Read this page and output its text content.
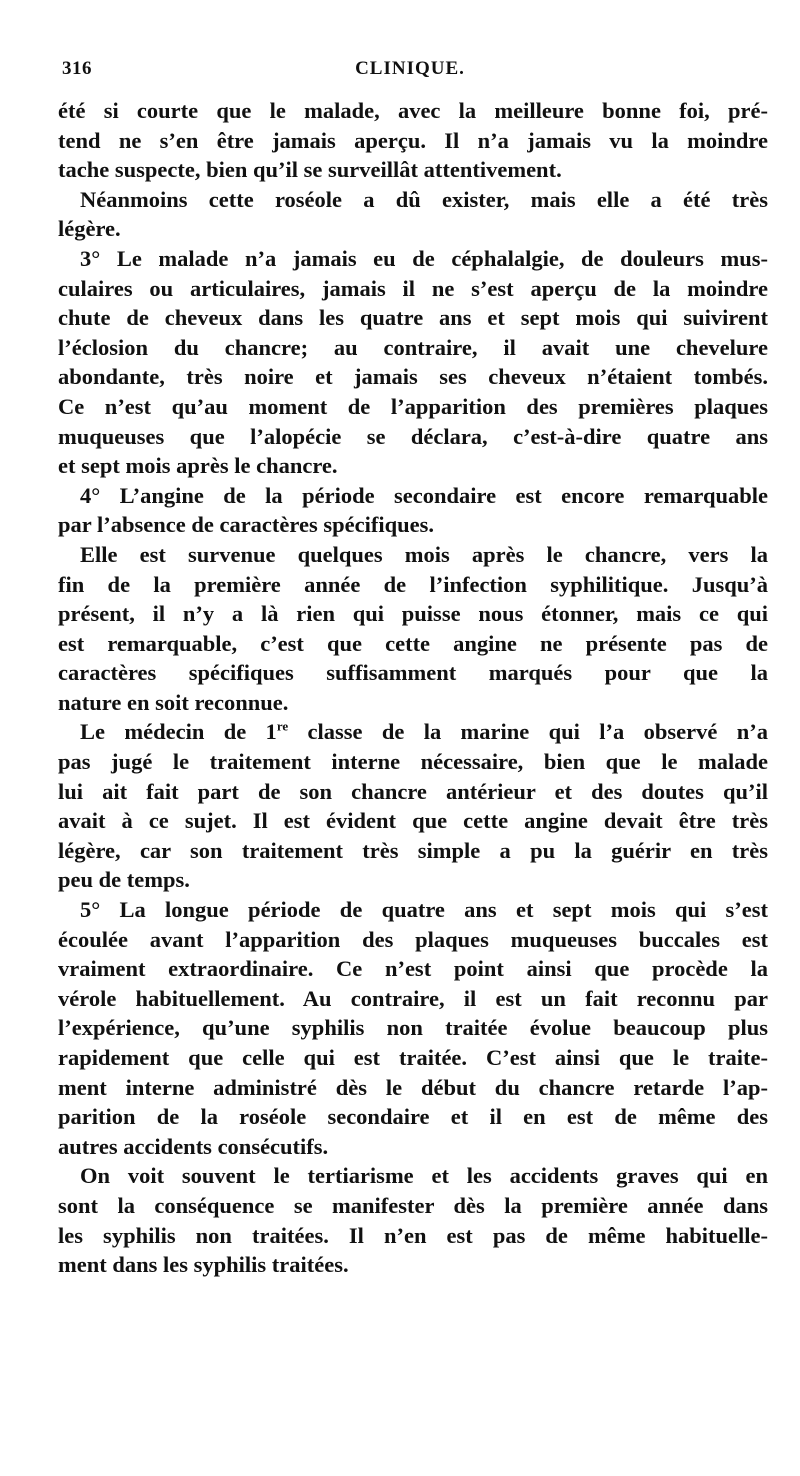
316	CLINIQUE.
été si courte que le malade, avec la meilleure bonne foi, pré-
tend ne s’en être jamais aperçu. Il n’a jamais vu la moindre
tache suspecte, bien qu’il se surveillât attentivement.
Néanmoins cette roséole a dû exister, mais elle a été très
légère.
3° Le malade n’a jamais eu de céphalalgie, de douleurs mus-
culaires ou articulaires, jamais il ne s’est aperçu de la moindre
chute de cheveux dans les quatre ans et sept mois qui suivirent
l’éclosion du chancre; au contraire, il avait une chevelure
abondante, très noire et jamais ses cheveux n’étaient tombés.
Ce n’est qu’au moment de l’apparition des premières plaques
muqueuses que l’alopécie se déclara, c’est-à-dire quatre ans
et sept mois après le chancre.
4° L’angine de la période secondaire est encore remarquable
par l’absence de caractères spécifiques.
Elle est survenue quelques mois après le chancre, vers la
fin de la première année de l’infection syphilitique. Jusqu’à
présent, il n’y a là rien qui puisse nous étonner, mais ce qui
est remarquable, c’est que cette angine ne présente pas de
caractères spécifiques suffisamment marqués pour que la
nature en soit reconnue.
Le médecin de 1re classe de la marine qui l’a observé n’a
pas jugé le traitement interne nécessaire, bien que le malade
lui ait fait part de son chancre antérieur et des doutes qu’il
avait à ce sujet. Il est évident que cette angine devait être très
légère, car son traitement très simple a pu la guérir en très
peu de temps.
5° La longue période de quatre ans et sept mois qui s’est
écoulée avant l’apparition des plaques muqueuses buccales est
vraiment extraordinaire. Ce n’est point ainsi que procède la
vérole habituellement. Au contraire, il est un fait reconnu par
l’expérience, qu’une syphilis non traitée évolue beaucoup plus
rapidement que celle qui est traitée. C’est ainsi que le traite-
ment interne administré dès le début du chancre retarde l’ap-
parition de la roséole secondaire et il en est de même des
autres accidents consécutifs.
On voit souvent le tertiarisme et les accidents graves qui en
sont la conséquence se manifester dès la première année dans
les syphilis non traitées. Il n’en est pas de même habituelle-
ment dans les syphilis traitées.
